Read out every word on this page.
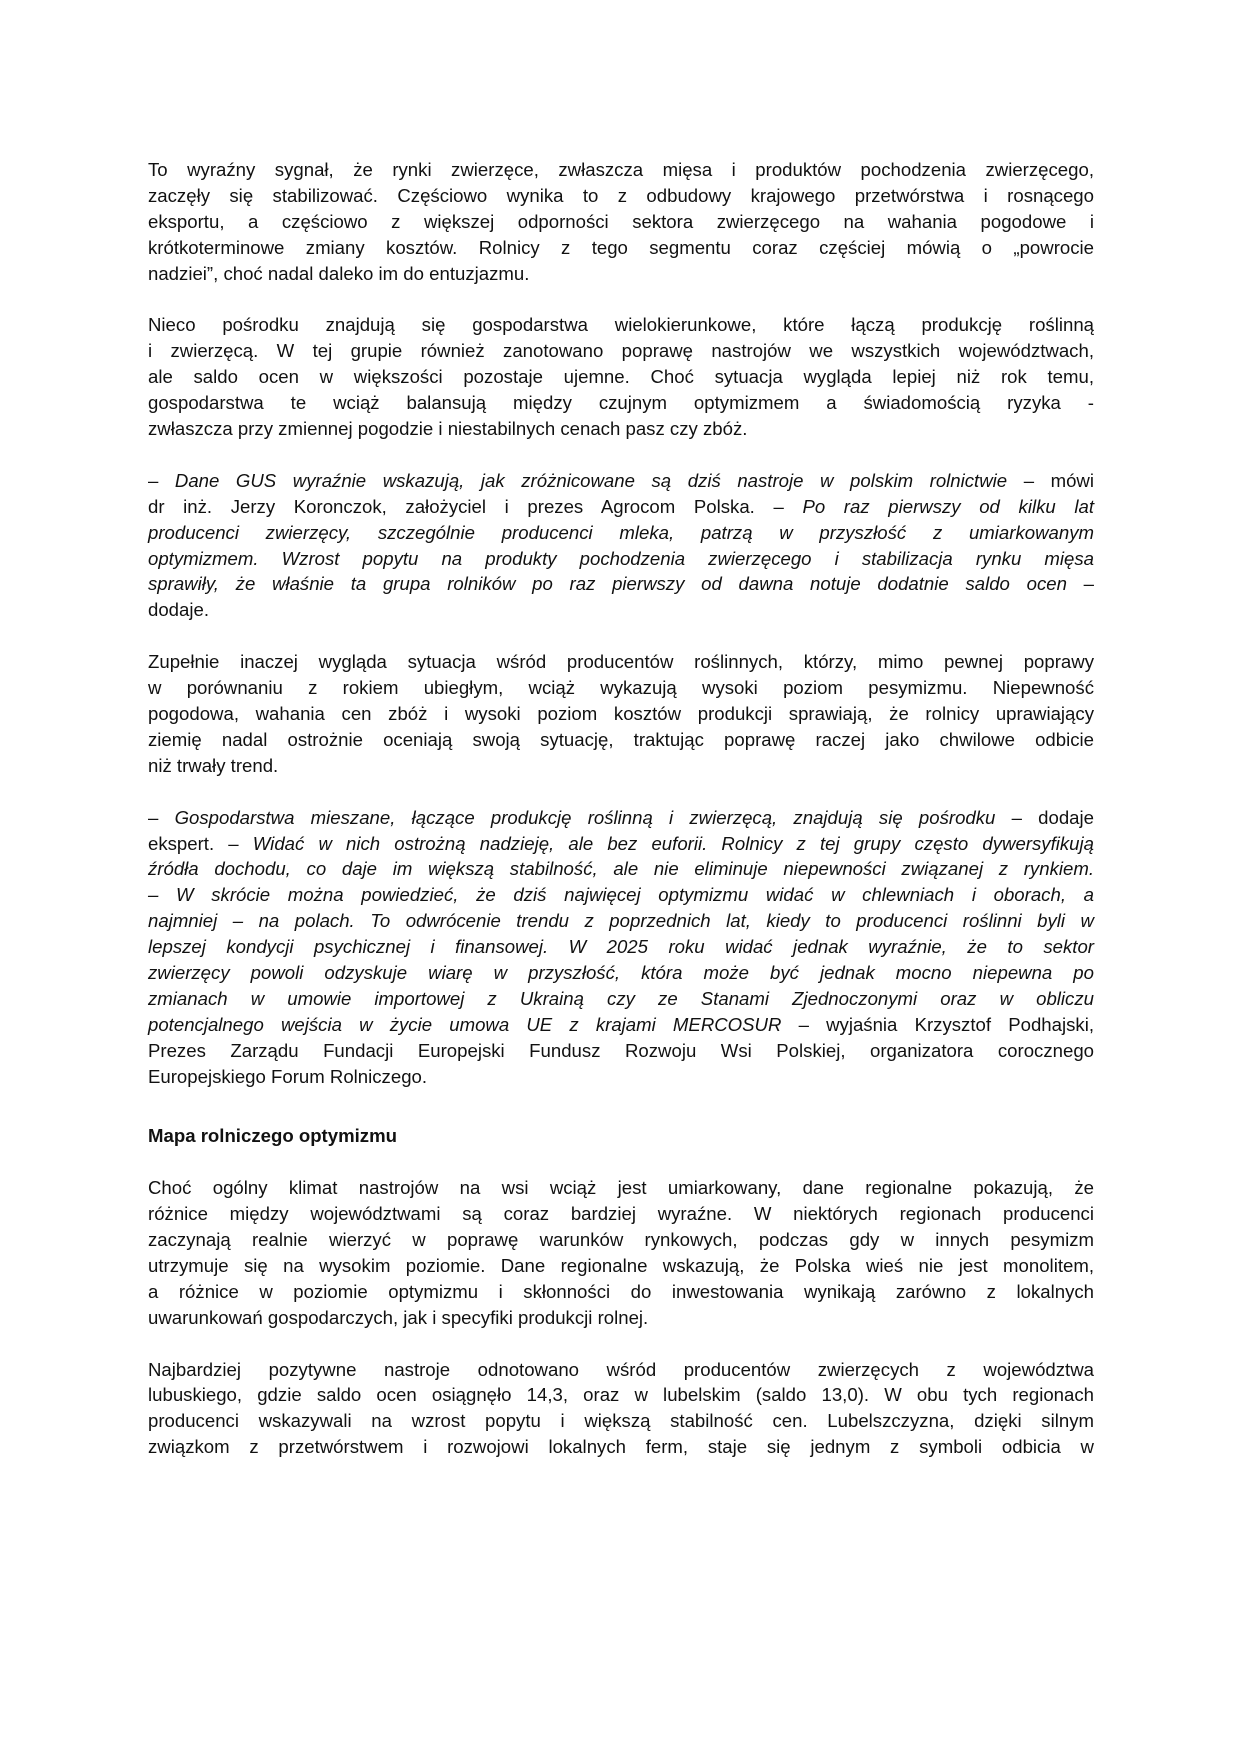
To wyraźny sygnał, że rynki zwierzęce, zwłaszcza mięsa i produktów pochodzenia zwierzęcego,
zaczęły się stabilizować. Częściowo wynika to z odbudowy krajowego przetwórstwa i rosnącego
eksportu, a częściowo z większej odporności sektora zwierzęcego na wahania pogodowe i
krótkoterminowe zmiany kosztów. Rolnicy z tego segmentu coraz częściej mówią o „powrocie
nadziei”, choć nadal daleko im do entuzjazmu.
Nieco pośrodku znajdują się gospodarstwa wielokierunkowe, które łączą produkcję roślinną
i zwierzęcą. W tej grupie również zanotowano poprawę nastrojów we wszystkich województwach,
ale saldo ocen w większości pozostaje ujemne. Choć sytuacja wygląda lepiej niż rok temu,
gospodarstwa te wciąż balansują między czujnym optymizmem a świadomością ryzyka -
zwłaszcza przy zmiennej pogodzie i niestabilnych cenach pasz czy zbóż.
– Dane GUS wyraźnie wskazują, jak zróżnicowane są dziś nastroje w polskim rolnictwie – mówi
dr inż. Jerzy Koronczok, założyciel i prezes Agrocom Polska. – Po raz pierwszy od kilku lat
producenci zwierzęcy, szczególnie producenci mleka, patrzą w przyszłość z umiarkowanym
optymizmem. Wzrost popytu na produkty pochodzenia zwierzęcego i stabilizacja rynku mięsa
sprawiły, że właśnie ta grupa rolników po raz pierwszy od dawna notuje dodatnie saldo ocen –
dodaje.
Zupełnie inaczej wygląda sytuacja wśród producentów roślinnych, którzy, mimo pewnej poprawy
w porównaniu z rokiem ubiegłym, wciąż wykazują wysoki poziom pesymizmu. Niepewność
pogodowa, wahania cen zbóż i wysoki poziom kosztów produkcji sprawiają, że rolnicy uprawiający
ziemię nadal ostrożnie oceniają swoją sytuację, traktując poprawę raczej jako chwilowe odbicie
niż trwały trend.
– Gospodarstwa mieszane, łączące produkcję roślinną i zwierzęcą, znajdują się pośrodku – dodaje
ekspert. – Widać w nich ostrożną nadzieję, ale bez euforii. Rolnicy z tej grupy często dywersyfikują
źródła dochodu, co daje im większą stabilność, ale nie eliminuje niepewności związanej z rynkiem.
– W skrócie można powiedzieć, że dziś najwięcej optymizmu widać w chlewniach i oborach, a
najmniej – na polach. To odwrócenie trendu z poprzednich lat, kiedy to producenci roślinni byli w
lepszej kondycji psychicznej i finansowej. W 2025 roku widać jednak wyraźnie, że to sektor
zwierzęcy powoli odzyskuje wiarę w przyszłość, która może być jednak mocno niepewna po
zmianach w umowie importowej z Ukrainą czy ze Stanami Zjednoczonymi oraz w obliczu
potencjalnego wejścia w życie umowa UE z krajami MERCOSUR – wyjaśnia Krzysztof Podhajski,
Prezes Zarządu Fundacji Europejski Fundusz Rozwoju Wsi Polskiej, organizatora corocznego
Europejskiego Forum Rolniczego.
Mapa rolniczego optymizmu
Choć ogólny klimat nastrojów na wsi wciąż jest umiarkowany, dane regionalne pokazują, że
różnice między województwami są coraz bardziej wyraźne. W niektórych regionach producenci
zaczynają realnie wierzyć w poprawę warunków rynkowych, podczas gdy w innych pesymizm
utrzymuje się na wysokim poziomie. Dane regionalne wskazują, że Polska wieś nie jest monolitem,
a różnice w poziomie optymizmu i skłonności do inwestowania wynikają zarówno z lokalnych
uwarunkowań gospodarczych, jak i specyfiki produkcji rolnej.
Najbardziej pozytywne nastroje odnotowano wśród producentów zwierzęcych z województwa
lubuskiego, gdzie saldo ocen osiągnęło 14,3, oraz w lubelskim (saldo 13,0). W obu tych regionach
producenci wskazywali na wzrost popytu i większą stabilność cen. Lubelszczyzna, dzięki silnym
związkom z przetwórstwem i rozwojowi lokalnych ferm, staje się jednym z symboli odbicia w
